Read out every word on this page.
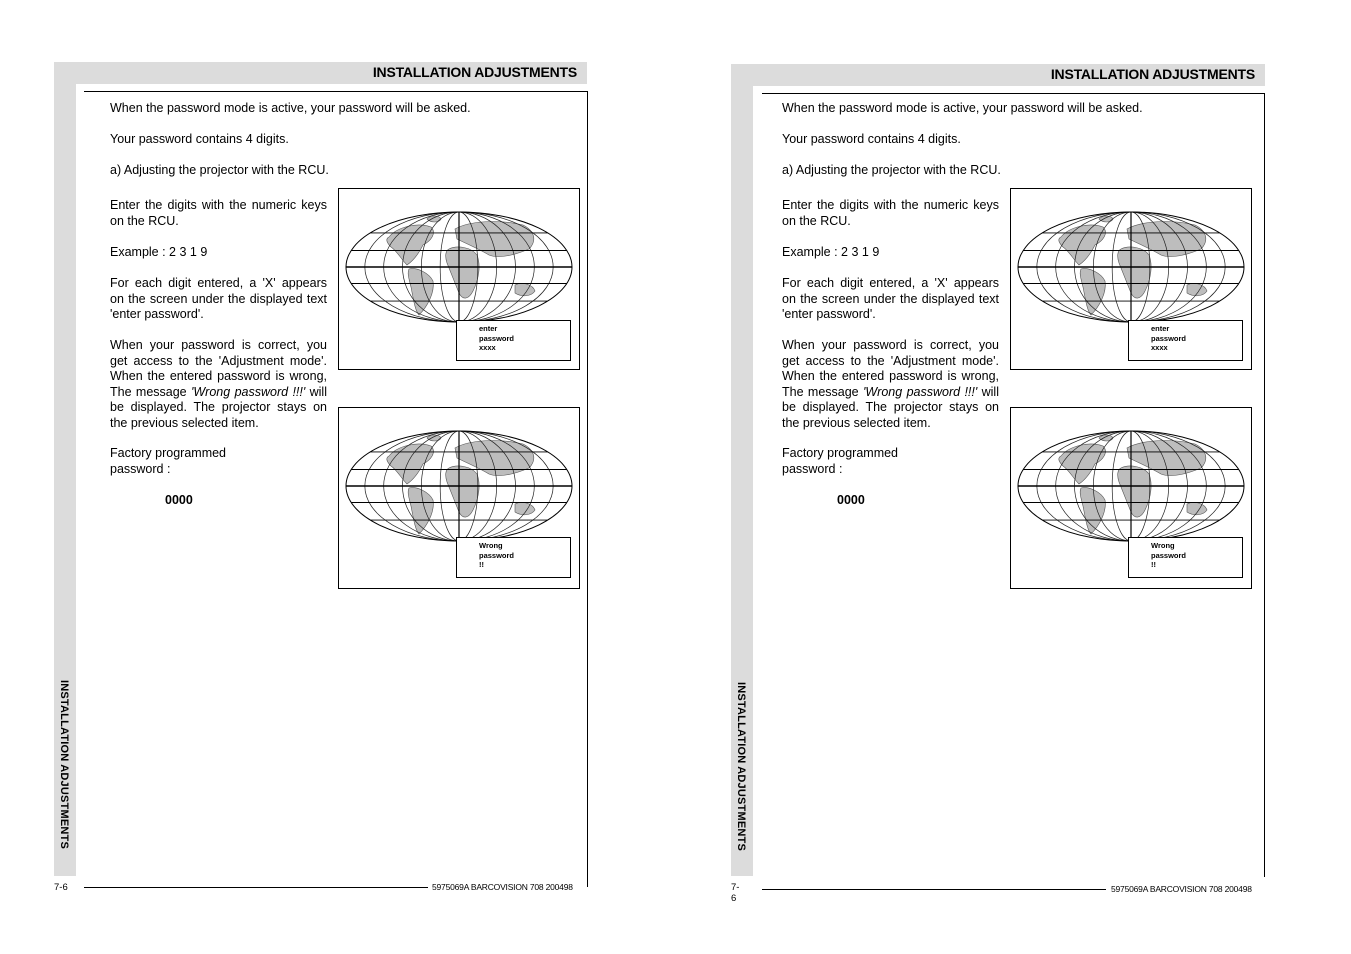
INSTALLATION ADJUSTMENTS
INSTALLATION ADJUSTMENTS
When the password mode is active, your password will be asked.
Your password contains 4 digits.
a) Adjusting the projector with the RCU.
Enter the digits with the numeric keys on the RCU.
Example : 2 3 1 9
For each digit entered, a 'X' appears on the screen under the displayed text 'enter password'.
When your password is correct, you get access to the 'Adjustment mode'. When the entered password is wrong, The message 'Wrong password !!!' will be displayed. The projector stays on the previous selected item.
Factory programmed password :
0000
enter
password
xxxx
Wrong
password
!!
7-6	5975069A BARCOVISION 708 200498
INSTALLATION ADJUSTMENTS
INSTALLATION ADJUSTMENTS
When the password mode is active, your password will be asked.
Your password contains 4 digits.
a) Adjusting the projector with the RCU.
Enter the digits with the numeric keys on the RCU.
Example : 2 3 1 9
For each digit entered, a 'X' appears on the screen under the displayed text 'enter password'.
When your password is correct, you get access to the 'Adjustment mode'. When the entered password is wrong, The message 'Wrong password !!!' will be displayed. The projector stays on the previous selected item.
Factory programmed password :
0000
enter
password
xxxx
Wrong
password
!!
7-6
5975069A BARCOVISION 708 200498
